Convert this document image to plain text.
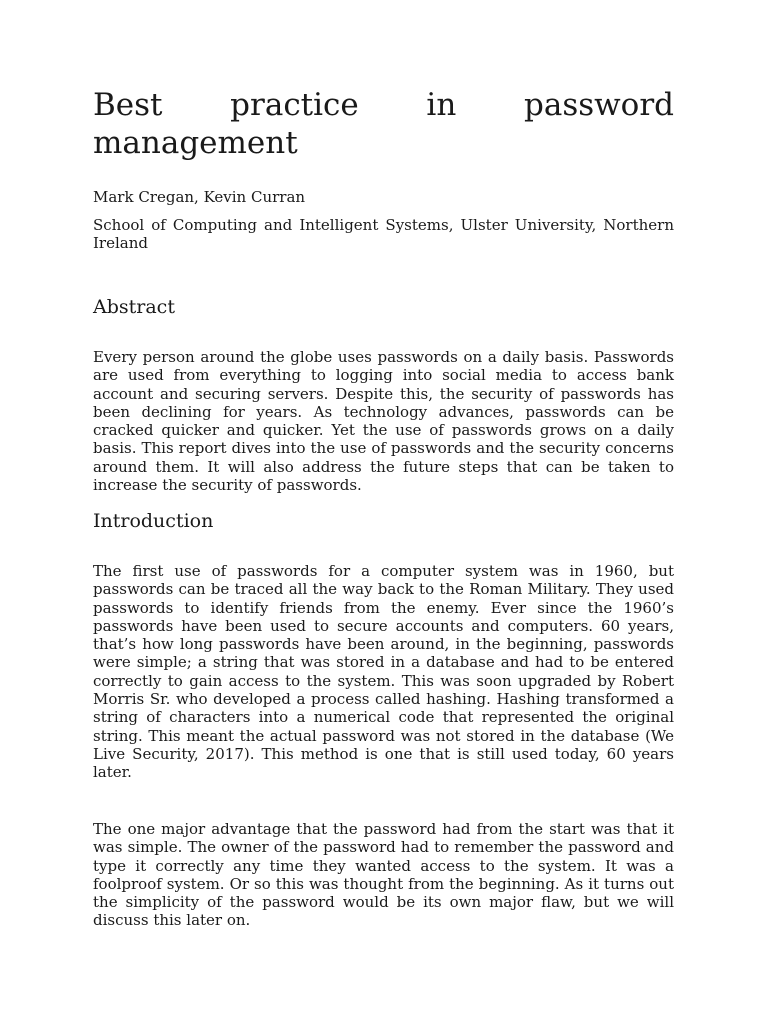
Best practice in password management

Mark Cregan, Kevin Curran

School of Computing and Intelligent Systems, Ulster University, Northern Ireland

Abstract

Every person around the globe uses passwords on a daily basis. Passwords are used from everything to logging into social media to access bank account and securing servers. Despite this, the security of passwords has been declining for years. As technology advances, passwords can be cracked quicker and quicker. Yet the use of passwords grows on a daily basis. This report dives into the use of passwords and the security concerns around them. It will also address the future steps that can be taken to increase the security of passwords.

Introduction

The first use of passwords for a computer system was in 1960, but passwords can be traced all the way back to the Roman Military. They used passwords to identify friends from the enemy. Ever since the 1960’s passwords have been used to secure accounts and computers. 60 years, that’s how long passwords have been around, in the beginning, passwords were simple; a string that was stored in a database and had to be entered correctly to gain access to the system. This was soon upgraded by Robert Morris Sr. who developed a process called hashing. Hashing transformed a string of characters into a numerical code that represented the original string. This meant the actual password was not stored in the database (We Live Security, 2017). This method is one that is still used today, 60 years later.

The one major advantage that the password had from the start was that it was simple. The owner of the password had to remember the password and type it correctly any time they wanted access to the system. It was a foolproof system. Or so this was thought from the beginning. As it turns out the simplicity of the password would be its own major flaw, but we will discuss this later on.
